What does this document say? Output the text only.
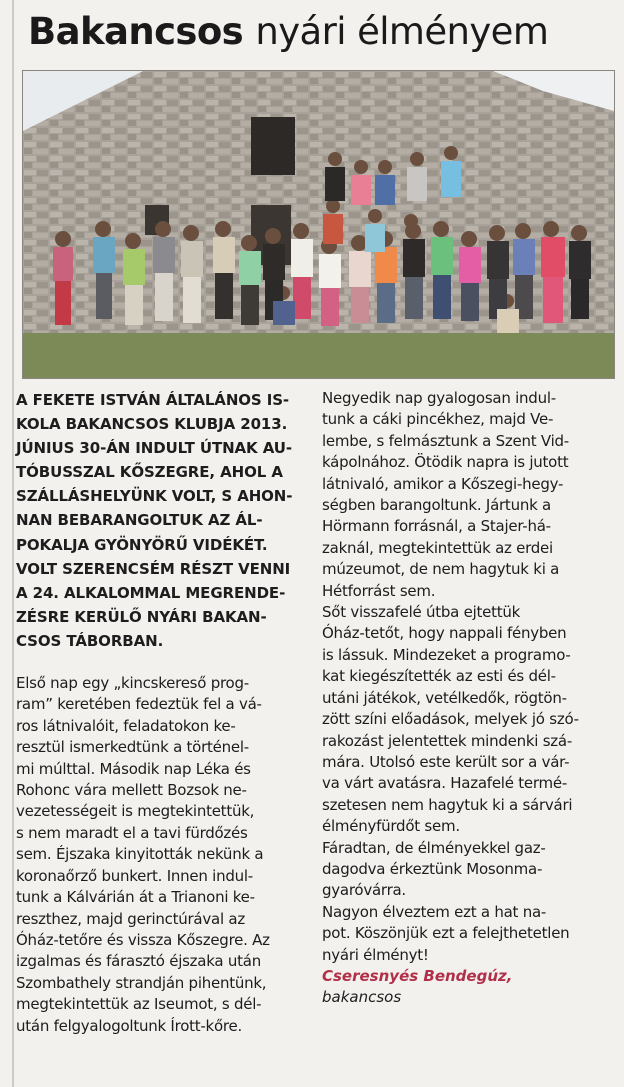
Bakancsos nyári élményem

A FEKETE ISTVÁN ÁLTALÁNOS IS-
KOLA BAKANCSOS KLUBJA 2013.
JÚNIUS 30-ÁN INDULT ÚTNAK AU-
TÓBUSSZAL KŐSZEGRE, AHOL A
SZÁLLÁSHELYÜNK VOLT, S AHON-
NAN BEBARANGOLTUK AZ ÁL-
POKALJA GYÖNYÖRŰ VIDÉKÉT.
VOLT SZERENCSÉM RÉSZT VENNI
A 24. ALKALOMMAL MEGRENDE-
ZÉSRE KERÜLŐ NYÁRI BAKAN-
CSOS TÁBORBAN.

Első nap egy „kincskereső prog-
ram” keretében fedeztük fel a vá-
ros látnivalóit, feladatokon ke-
resztül ismerkedtünk a történel-
mi múlttal. Második nap Léka és
Rohonc vára mellett Bozsok ne-
vezetességeit is megtekintettük,
s nem maradt el a tavi fürdőzés
sem. Éjszaka kinyitották nekünk a
koronaőrző bunkert. Innen indul-
tunk a Kálvárián át a Trianoni ke-
reszthez, majd gerinctúrával az
Óház-tetőre és vissza Kőszegre. Az
izgalmas és fárasztó éjszaka után
Szombathely strandján pihentünk,
megtekintettük az Iseumot, s dél-
után felgyalogoltunk Írott-kőre.

Negyedik nap gyalogosan indul-
tunk a cáki pincékhez, majd Ve-
lembe, s felmásztunk a Szent Vid-
kápolnához. Ötödik napra is jutott
látnivaló, amikor a Kőszegi-hegy-
ségben barangoltunk. Jártunk a
Hörmann forrásnál, a Stajer-há-
zaknál, megtekintettük az erdei
múzeumot, de nem hagytuk ki a
Hétforrást sem.

Sőt visszafelé útba ejtettük
Óház-tetőt, hogy nappali fényben
is lássuk. Mindezeket a programo-
kat kiegészítették az esti és dél-
utáni játékok, vetélkedők, rögtön-
zött színi előadások, melyek jó szó-
rakozást jelentettek mindenki szá-
mára. Utolsó este került sor a vár-
va várt avatásra. Hazafelé termé-
szetesen nem hagytuk ki a sárvári
élményfürdőt sem.

Fáradtan, de élményekkel gaz-
dagodva érkeztünk Mosonma-
gyaróvárra.

Nagyon élveztem ezt a hat na-
pot. Köszönjük ezt a felejthetetlen
nyári élményt!

Cseresnyés Bendegúz,
bakancsos
